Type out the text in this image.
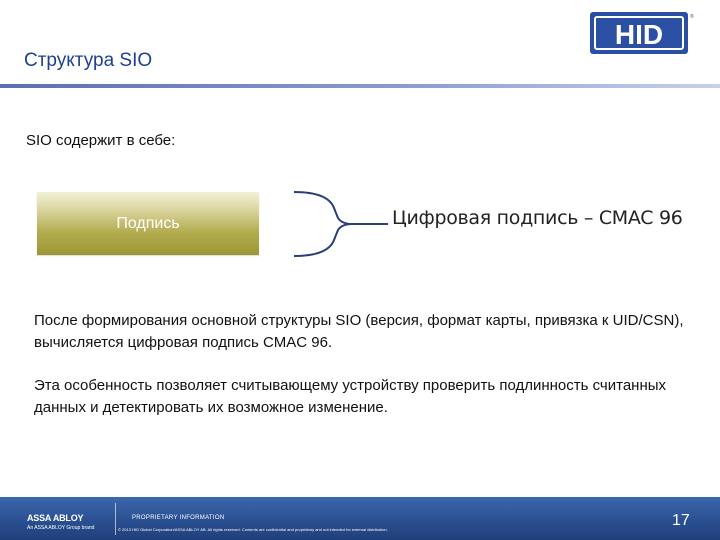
Структура SIO
HID
®
SIO содержит в себе:
Подпись	Цифровая подпись – CMAC 96
После формирования основной структуры SIO (версия, формат карты, привязка к UID/CSN), вычисляется цифровая подпись CMAC 96.
Эта особенность позволяет считывающему устройству проверить подлинность считанных данных и детектировать их возможное изменение.
ASSA ABLOY
An ASSA ABLOY Group brand
PROPRIETARY INFORMATION
© 2013 HID Global Corporation/ASSA ABLOY AB. All rights reserved. Contents are confidential and proprietary and not intended for external distribution.
17
